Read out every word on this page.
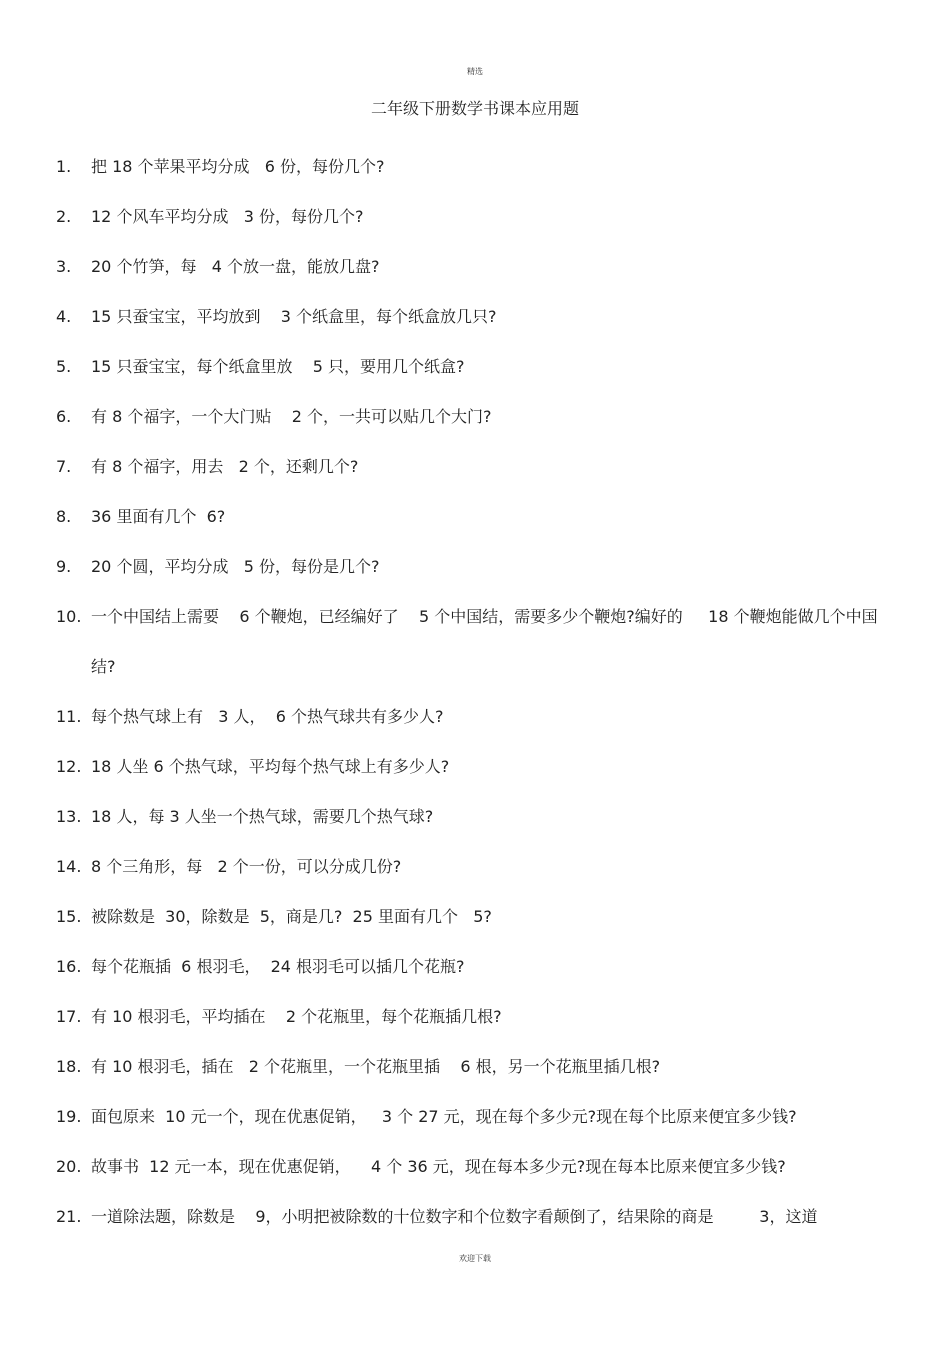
精选
二年级下册数学书课本应用题
1.	把 18 个苹果平均分成   6 份，每份几个?
2.	12 个风车平均分成   3 份，每份几个?
3.	20 个竹笋，每   4 个放一盘，能放几盘?
4.	15 只蚕宝宝，平均放到    3 个纸盒里，每个纸盒放几只?
5.	15 只蚕宝宝，每个纸盒里放    5 只，要用几个纸盒?
6.	有 8 个福字，一个大门贴    2 个，一共可以贴几个大门?
7.	有 8 个福字，用去   2 个，还剩几个?
8.	36 里面有几个  6?
9.	20 个圆，平均分成   5 份，每份是几个?
10. 一个中国结上需要    6 个鞭炮，已经编好了    5 个中国结，需要多少个鞭炮?编好的     18 个鞭炮能做几个中国结?
11. 每个热气球上有   3 人，  6 个热气球共有多少人?
12. 18 人坐 6 个热气球，平均每个热气球上有多少人?
13. 18 人，每 3 人坐一个热气球，需要几个热气球?
14. 8 个三角形，每   2 个一份，可以分成几份?
15. 被除数是  30，除数是  5，商是几?  25 里面有几个   5?
16. 每个花瓶插  6 根羽毛，  24 根羽毛可以插几个花瓶?
17. 有 10 根羽毛，平均插在    2 个花瓶里，每个花瓶插几根?
18. 有 10 根羽毛，插在   2 个花瓶里，一个花瓶里插    6 根，另一个花瓶里插几根?
19. 面包原来  10 元一个，现在优惠促销，   3 个 27 元，现在每个多少元?现在每个比原来便宜多少钱?
20. 故事书  12 元一本，现在优惠促销，    4 个 36 元，现在每本多少元?现在每本比原来便宜多少钱?
21. 一道除法题，除数是    9，小明把被除数的十位数字和个位数字看颠倒了，结果除的商是         3，这道
欢迎下载
